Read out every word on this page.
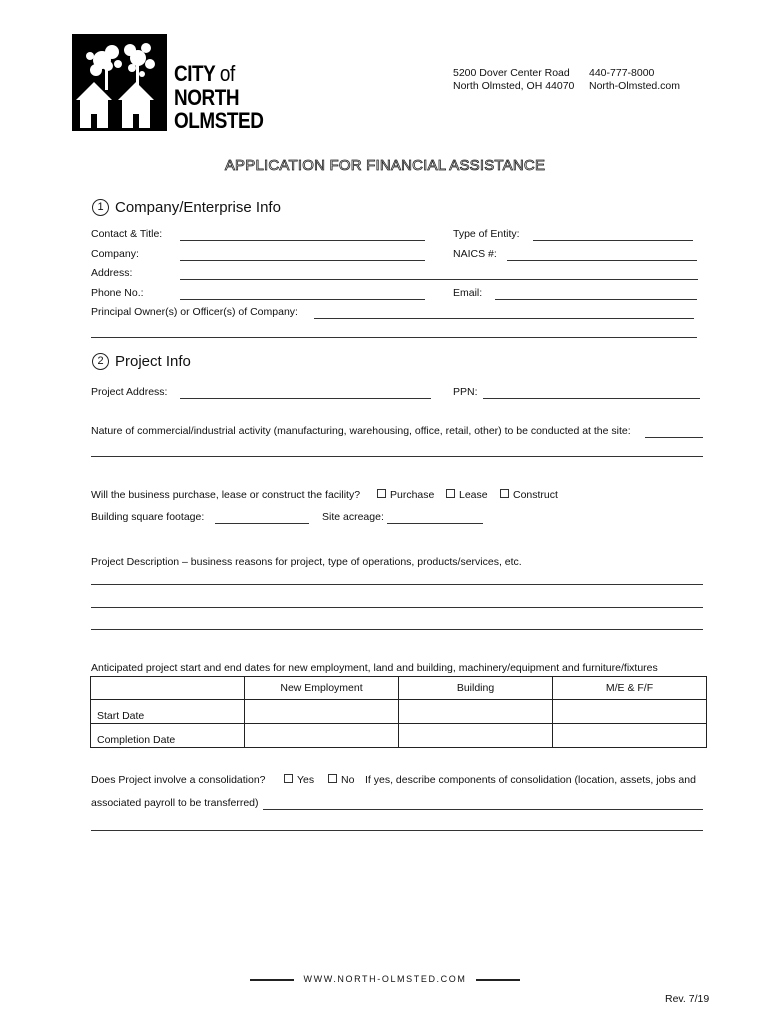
CITY of
NORTH
OLMSTED
5200 Dover Center Road
North Olmsted, OH 44070
440-777-8000
North-Olmsted.com
APPLICATION FOR FINANCIAL ASSISTANCE
1 Company/Enterprise Info
Contact & Title:	Type of Entity:
Company:	NAICS #:
Address:
Phone No.:	Email:
Principal Owner(s) or Officer(s) of Company:
2 Project Info
Project Address:	PPN:
Nature of commercial/industrial activity (manufacturing, warehousing, office, retail, other) to be conducted at the site:
Will the business purchase, lease or construct the facility?	Purchase	Lease	Construct
Building square footage:	Site acreage:
Project Description – business reasons for project, type of operations, products/services, etc.
Anticipated project start and end dates for new employment, land and building, machinery/equipment and furniture/fixtures
	New Employment	Building	M/E & F/F
Start Date			
Completion Date			
Does Project involve a consolidation?	Yes	No If yes, describe components of consolidation (location, assets, jobs and
associated payroll to be transferred)
WWW.NORTH-OLMSTED.COM
Rev. 7/19
